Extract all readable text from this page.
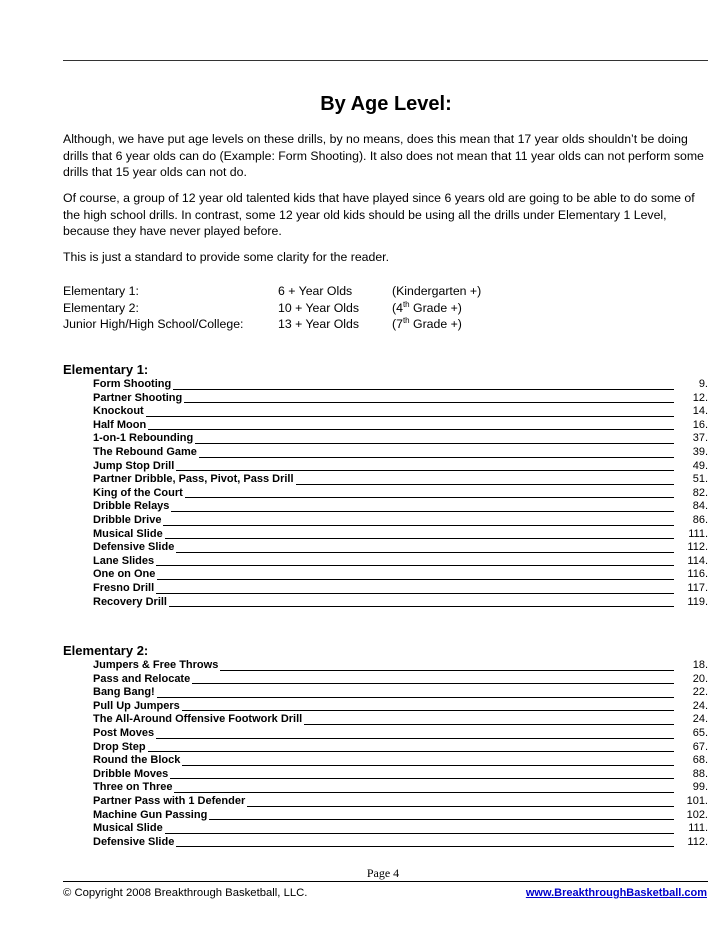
By Age Level:

Although, we have put age levels on these drills, by no means, does this mean that 17 year olds shouldn’t be doing drills that 6 year olds can do (Example: Form Shooting). It also does not mean that 11 year olds can not perform some drills that 15 year olds can not do.

Of course, a group of 12 year old talented kids that have played since 6 years old are going to be able to do some of the high school drills. In contrast, some 12 year old kids should be using all the drills under Elementary 1 Level, because they have never played before.

This is just a standard to provide some clarity for the reader.

Elementary 1:	6 + Year Olds	(Kindergarten +)
Elementary 2:	10 + Year Olds	(4th Grade +)
Junior High/High School/College:	13 + Year Olds	(7th Grade +)
Elementary 1:
Form Shooting	9.
Partner Shooting	12.
Knockout	14.
Half Moon	16.
1-on-1 Rebounding	37.
The Rebound Game	39.
Jump Stop Drill	49.
Partner Dribble, Pass, Pivot, Pass Drill	51.
King of the Court	82.
Dribble Relays	84.
Dribble Drive	86.
Musical Slide	111.
Defensive Slide	112.
Lane Slides	114.
One on One	116.
Fresno Drill	117.
Recovery Drill	119.
Elementary 2:
Jumpers & Free Throws	18.
Pass and Relocate	20.
Bang Bang!	22.
Pull Up Jumpers	24.
The All-Around Offensive Footwork Drill	24.
Post Moves	65.
Drop Step	67.
Round the Block	68.
Dribble Moves	88.
Three on Three	99.
Partner Pass with 1 Defender	101.
Machine Gun Passing	102.
Musical Slide	111.
Defensive Slide	112.
Page 4
© Copyright 2008 Breakthrough Basketball, LLC.	www.BreakthroughBasketball.com
